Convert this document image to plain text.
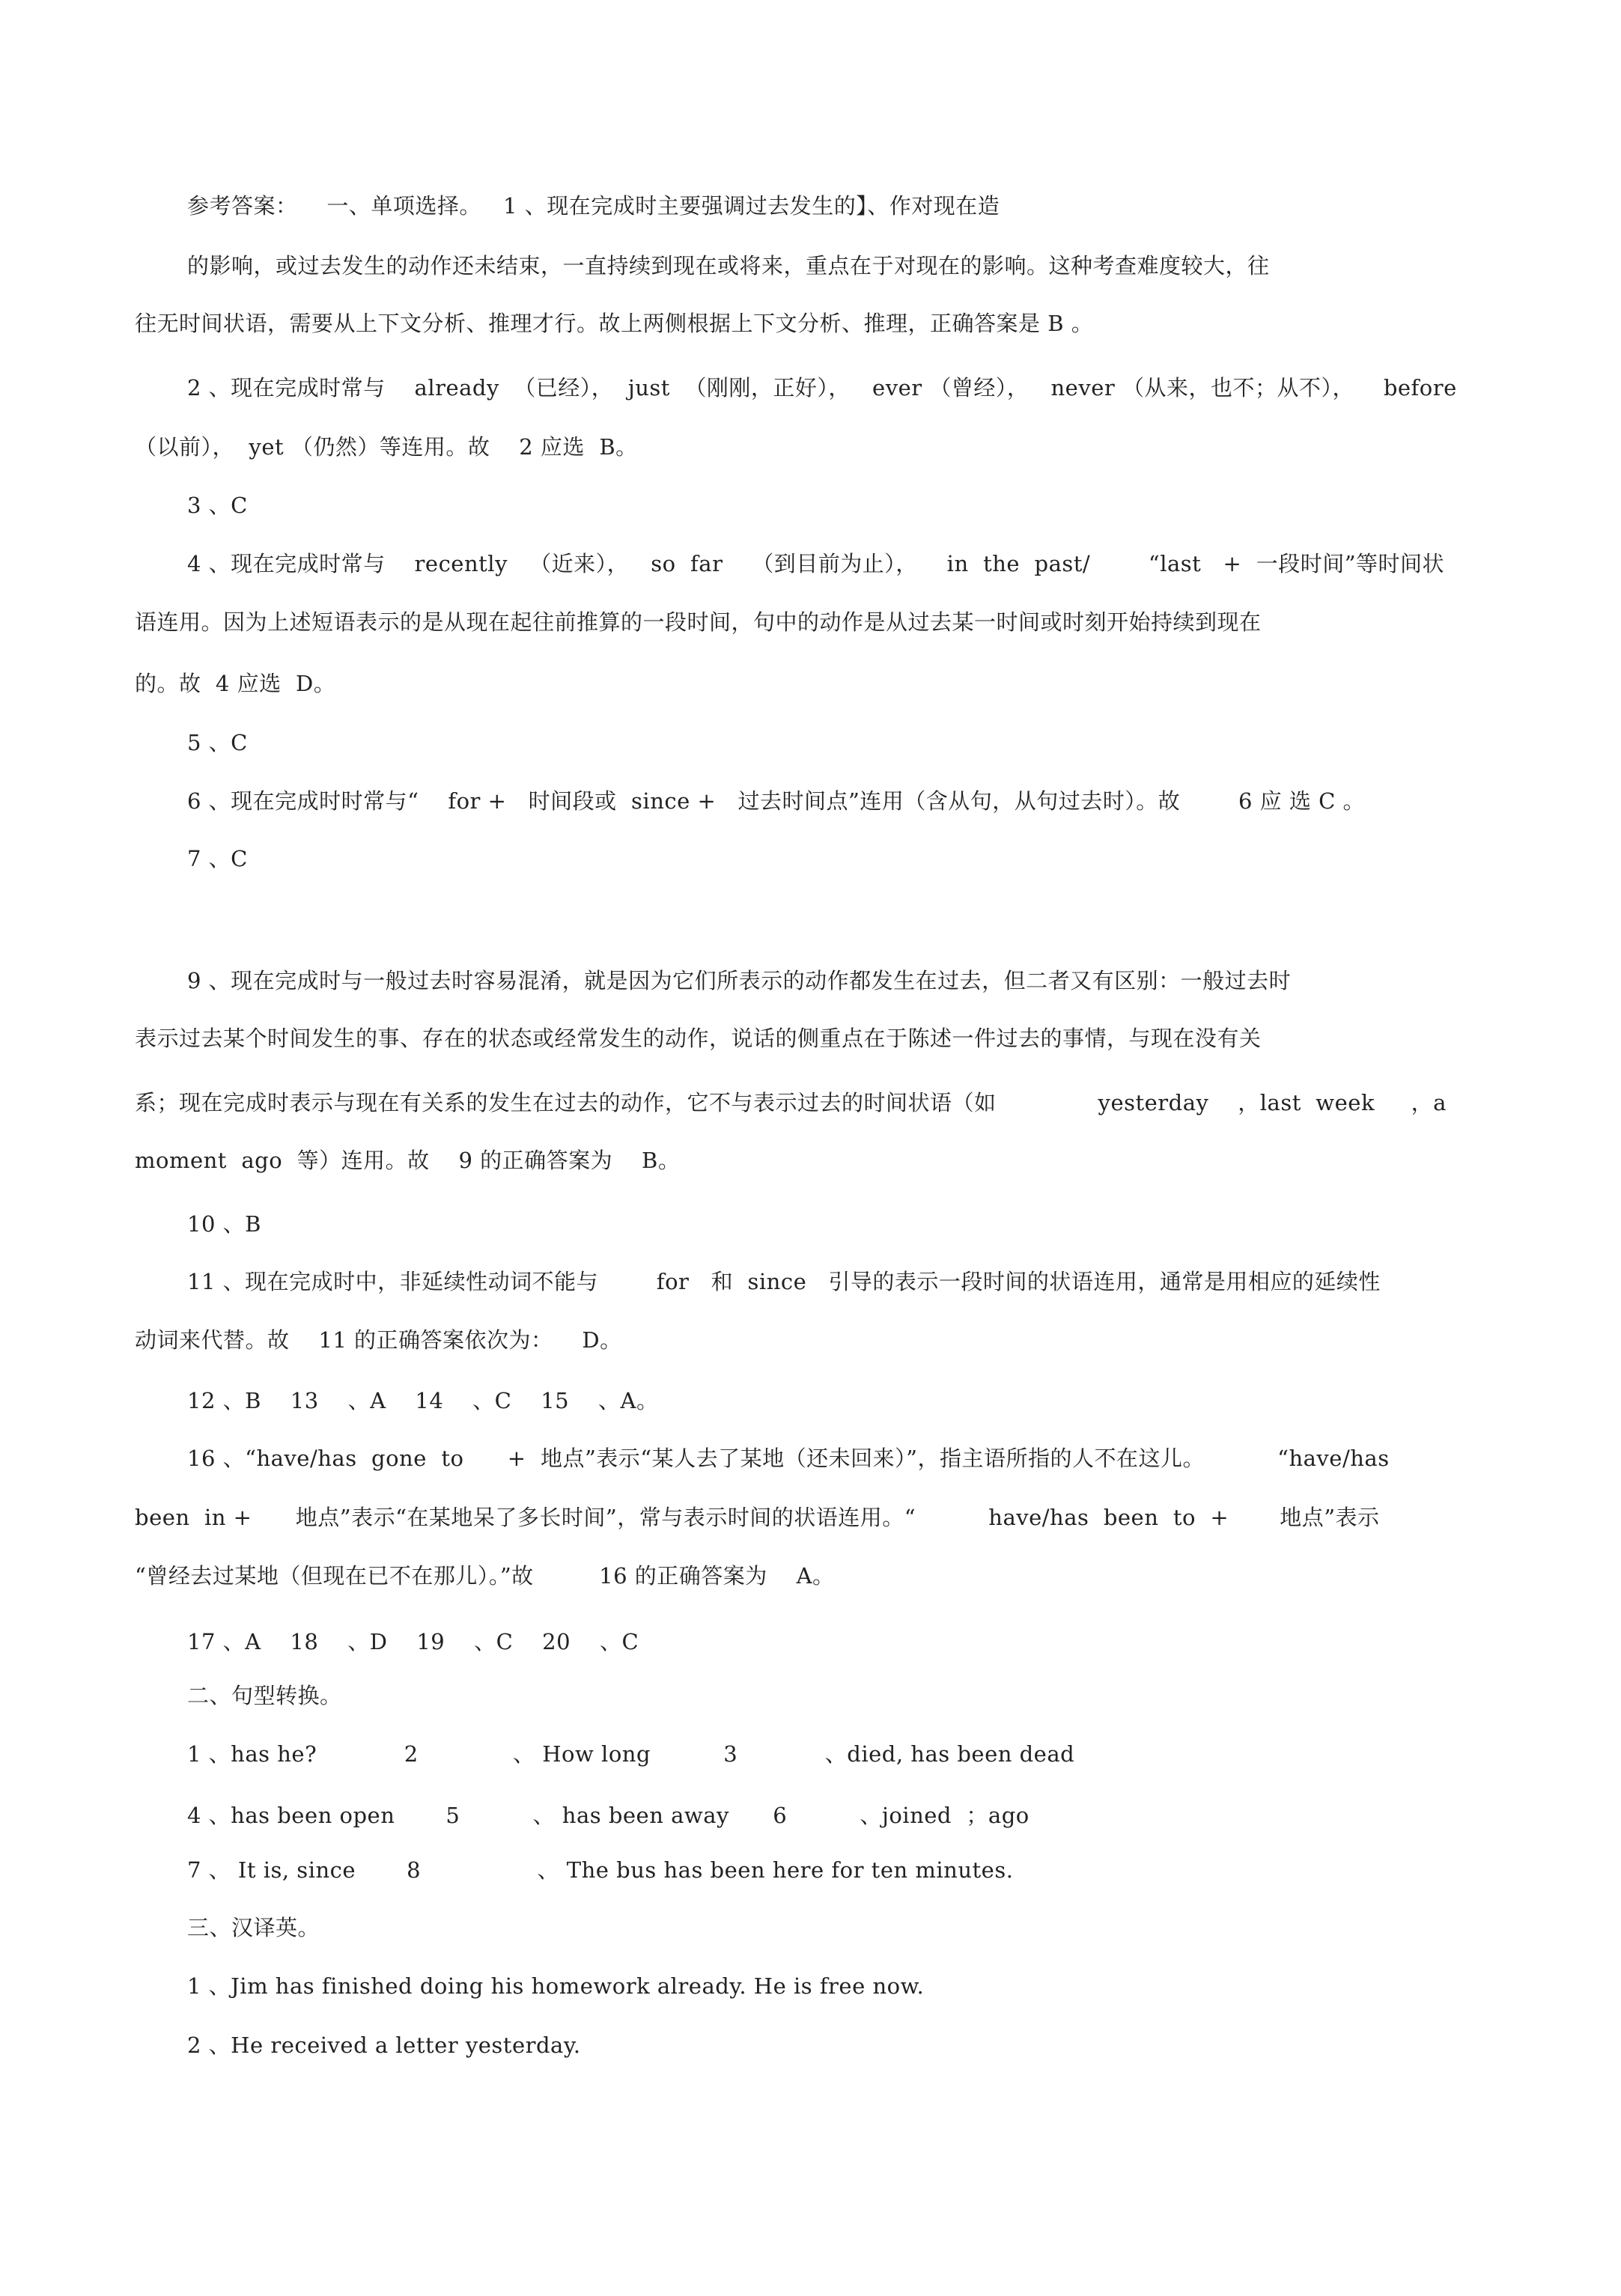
参考答案：    一、单项选择。   1 、现在完成时主要强调过去发生的】、作对现在造
的影响，或过去发生的动作还未结束，一直持续到现在或将来，重点在于对现在的影响。这种考查难度较大，往
往无时间状语，需要从上下文分析、推理才行。故上两侧根据上下文分析、推理，正确答案是 B 。
2 、现在完成时常与    already  （已经），  just  （刚刚，正好），   ever （曾经），   never （从来，也不；从不），    before
（以前），  yet （仍然）等连用。故    2 应选  B。
3 、C
4 、现在完成时常与    recently   （近来），   so  far    （到目前为止），    in  the  past/        “last   +  一段时间”等时间状
语连用。因为上述短语表示的是从现在起往前推算的一段时间，句中的动作是从过去某一时间或时刻开始持续到现在
的。故  4 应选  D。
5 、C
6 、现在完成时时常与“    for +   时间段或  since +   过去时间点”连用（含从句，从句过去时）。故        6 应 选 C 。
7 、C
9 、现在完成时与一般过去时容易混淆，就是因为它们所表示的动作都发生在过去，但二者又有区别：一般过去时
表示过去某个时间发生的事、存在的状态或经常发生的动作，说话的侧重点在于陈述一件过去的事情，与现在没有关
系；现在完成时表示与现在有关系的发生在过去的动作，它不与表示过去的时间状语（如              yesterday    ，last  week     ，a
moment  ago  等）连用。故    9 的正确答案为    B。
10 、B
11 、现在完成时中，非延续性动词不能与        for   和  since   引导的表示一段时间的状语连用，通常是用相应的延续性
动词来代替。故    11 的正确答案依次为：    D。
12 、B    13    、A    14    、C    15    、A。
16 、“have/has  gone  to      +  地点”表示“某人去了某地（还未回来）”，指主语所指的人不在这儿。          “have/has
been  in +      地点”表示“在某地呆了多长时间”，常与表示时间的状语连用。“          have/has  been  to  +       地点”表示
“曾经去过某地（但现在已不在那儿）。”故         16 的正确答案为    A。
17 、A    18    、D    19    、C    20    、C
二、句型转换。
1 、has he?            2             、 How long          3            、died, has been dead
4 、has been open       5          、 has been away      6          、joined  ；ago
7 、 It is, since       8                、 The bus has been here for ten minutes.
三、汉译英。
1 、Jim has finished doing his homework already. He is free now.
2 、He received a letter yesterday.
